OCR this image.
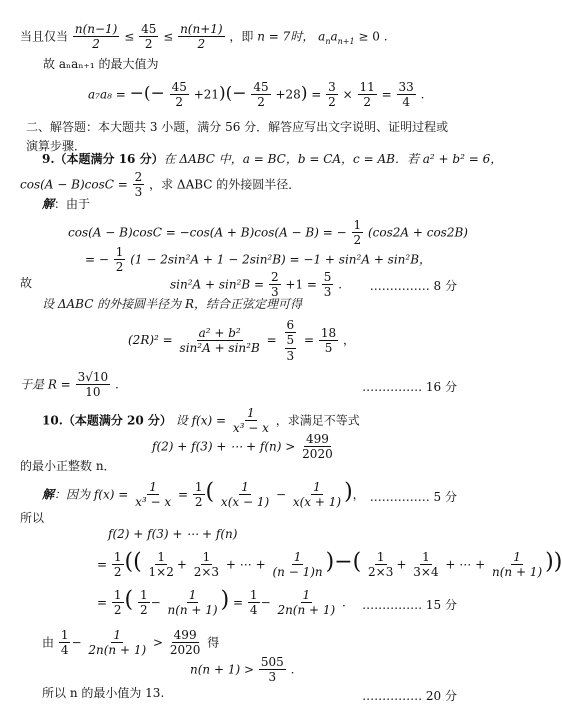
当且仅当 $\frac{n(n-1)}{2} \le \frac{45}{2} \le \frac{n(n+1)}{2}$ ，即 n = 7时， $a_na_{n+1} \ge 0$ .
故 aₙaₙ₊₁ 的最大值为
a₇a₈ = −(− $\frac{45}{2} +21)(- \frac{45}{2} +28) = \frac{3}{2} \times \frac{11}{2} = \frac{33}{4}$ .
二、解答题：本大题共 3 小题，满分 56 分．解答应写出文字说明、证明过程或演算步骤．
9.（本题满分 16 分）在 ΔABC 中，a = BC，b = CA，c = AB．若 a² + b² = 6，
$\cos(A - B)\cos C = \frac{2}{3}$ ，求 ΔABC 的外接圆半径．
解：由于
cos(A − B)cosC = −cos(A + B)cos(A − B) = − $\frac{1}{2} (\cos 2A + \cos 2B)$
= − $\frac{1}{2} (1 - 2\sin^2A + 1 - 2\sin^2B) = -1 + \sin^2A + \sin^2B$，
故	$\sin^2A + \sin^2B = \frac{2}{3} +1 = \frac{5}{3}$ . …………… 8 分
设 ΔABC 的外接圆半径为 R，结合正弦定理可得
$(2R)^2 = \frac{\text{a² + b²}}{\text{sin²A + sin²B}} = \frac{6}{\frac{5}{3}} = \frac{18}{5}$ ，
于是 $R = \frac{3√10}{10}$ .	…………… 16 分
10.（本题满分 20 分） 设 $f(x) = \frac{1}{\text{x³ − x}}$ ，求满足不等式
f(2) + f(3) + ⋯ + $f(n) > \frac{499}{2020}$
的最小正整数 n．
解：因为 $f(x) = \frac{1}{\text{x³ − x}} = \frac{1}{2}$ ( $\frac{1}{x(x - 1)} - \frac{1}{x(x + 1)}$ )， …………… 5 分
所以
f(2) + f(3) + ⋯ + f(n)
= $\frac{1}{2}$ (( $\frac{1}{1\times 2} + \frac{1}{2\times 3}$ + ⋯ + $\frac{1}{(n - 1)n}$ )−( $\frac{1}{2\times 3} + \frac{1}{3\times 4}$ + ⋯ + $\frac{1}{n(n + 1)}$ ))
= $\frac{1}{2}$ ( $\frac{1}{2} - \frac{1}{n(n + 1)}$ ) = $\frac{1}{4} - \frac{1}{2n(n + 1)}$ . …………… 15 分
由 $\frac{1}{4} - \frac{1}{2n(n + 1)} > \frac{499}{2020}$ 得
$n(n + 1) > \frac{505}{3}$ .
所以 n 的最小值为 13.	…………… 20 分
